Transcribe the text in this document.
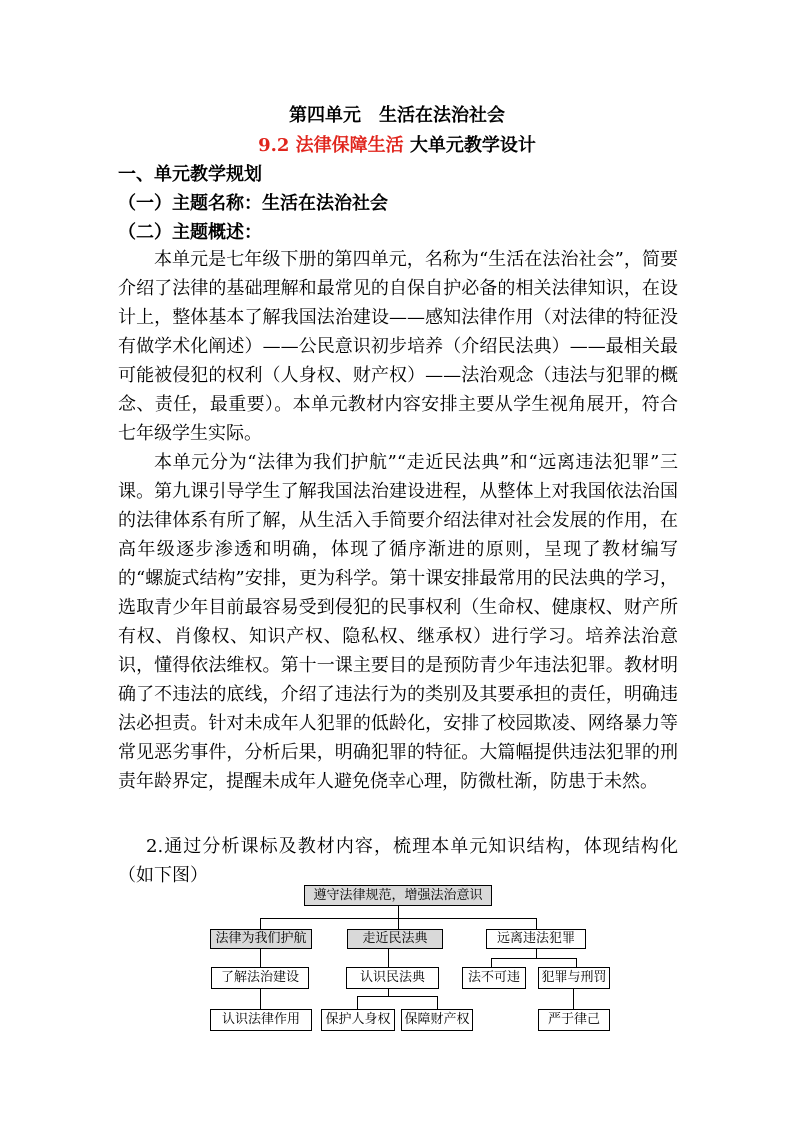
第四单元　生活在法治社会
9.2 法律保障生活 大单元教学设计
一、单元教学规划
（一）主题名称：生活在法治社会
（二）主题概述：
本单元是七年级下册的第四单元，名称为“生活在法治社会”，简要介绍了法律的基础理解和最常见的自保自护必备的相关法律知识，在设计上，整体基本了解我国法治建设——感知法律作用（对法律的特征没有做学术化阐述）——公民意识初步培养（介绍民法典）——最相关最可能被侵犯的权利（人身权、财产权）——法治观念（违法与犯罪的概念、责任，最重要）。本单元教材内容安排主要从学生视角展开，符合七年级学生实际。
本单元分为“法律为我们护航”“走近民法典”和“远离违法犯罪”三课。第九课引导学生了解我国法治建设进程，从整体上对我国依法治国的法律体系有所了解，从生活入手简要介绍法律对社会发展的作用，在高年级逐步渗透和明确，体现了循序渐进的原则，呈现了教材编写的“螺旋式结构”安排，更为科学。第十课安排最常用的民法典的学习，选取青少年目前最容易受到侵犯的民事权利（生命权、健康权、财产所有权、肖像权、知识产权、隐私权、继承权）进行学习。培养法治意识，懂得依法维权。第十一课主要目的是预防青少年违法犯罪。教材明确了不违法的底线，介绍了违法行为的类别及其要承担的责任，明确违法必担责。针对未成年人犯罪的低龄化，安排了校园欺凌、网络暴力等常见恶劣事件，分析后果，明确犯罪的特征。大篇幅提供违法犯罪的刑责年龄界定，提醒未成年人避免侥幸心理，防微杜渐，防患于未然。
2.通过分析课标及教材内容，梳理本单元知识结构，体现结构化（如下图）
遵守法律规范，增强法治意识
法律为我们护航	走近民法典	远离违法犯罪
了解法治建设	认识民法典	法不可违	犯罪与刑罚
认识法律作用	保护人身权	保障财产权	严于律己
